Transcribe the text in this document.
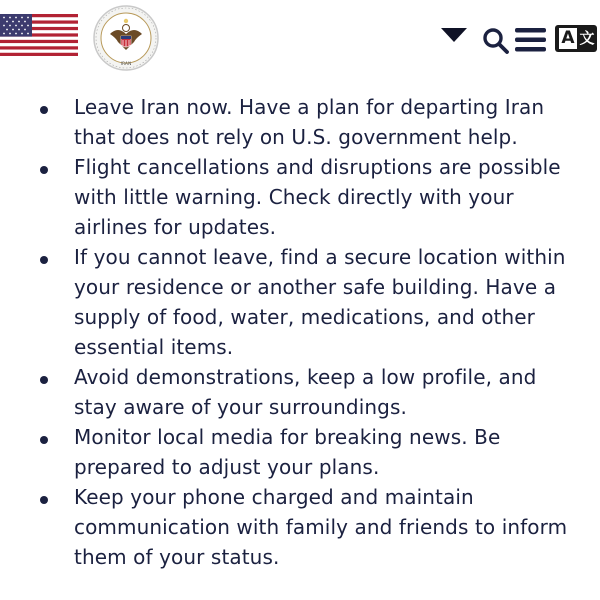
IRAN
A 文
Leave Iran now. Have a plan for departing Iran that does not rely on U.S. government help.
Flight cancellations and disruptions are possible with little warning. Check directly with your airlines for updates.
If you cannot leave, find a secure location within your residence or another safe building. Have a supply of food, water, medications, and other essential items.
Avoid demonstrations, keep a low profile, and stay aware of your surroundings.
Monitor local media for breaking news. Be prepared to adjust your plans.
Keep your phone charged and maintain communication with family and friends to inform them of your status.
